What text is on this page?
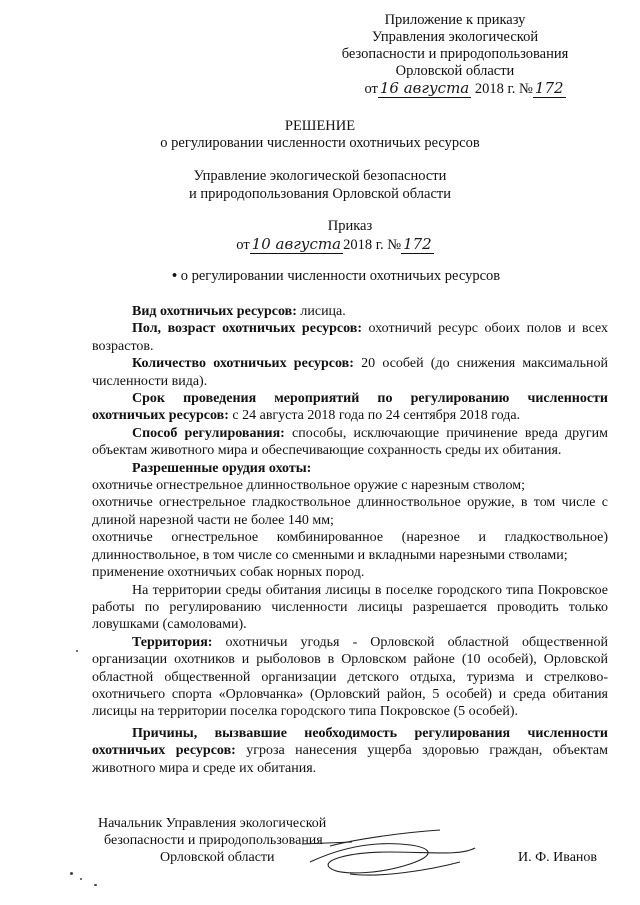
Приложение к приказу
Управления экологической
безопасности и природопользования
Орловской области
от 16 августа 2018 г. № 172
РЕШЕНИЕ
о регулировании численности охотничьих ресурсов
Управление экологической безопасности
и природопользования Орловской области
Приказ
от 10 августа 2018 г. № 172
• о регулировании численности охотничьих ресурсов

Вид охотничьих ресурсов: лисица.

Пол, возраст охотничьих ресурсов: охотничий ресурс обоих полов и всех возрастов.

Количество охотничьих ресурсов: 20 особей (до снижения максимальной численности вида).

Срок проведения мероприятий по регулированию численности охотничьих ресурсов: с 24 августа 2018 года по 24 сентября 2018 года.

Способ регулирования: способы, исключающие причинение вреда другим объектам животного мира и обеспечивающие сохранность среды их обитания.

Разрешенные орудия охоты:

охотничье огнестрельное длинноствольное оружие с нарезным стволом;

охотничье огнестрельное гладкоствольное длинноствольное оружие, в том числе с длиной нарезной части не более 140 мм;

охотничье огнестрельное комбинированное (нарезное и гладкоствольное) длинноствольное, в том числе со сменными и вкладными нарезными стволами;

применение охотничьих собак норных пород.

На территории среды обитания лисицы в поселке городского типа Покровское работы по регулированию численности лисицы разрешается проводить только ловушками (самоловами).

Территория: охотничьи угодья - Орловской областной общественной организации охотников и рыболовов в Орловском районе (10 особей), Орловской областной общественной организации детского отдыха, туризма и стрелково-охотничьего спорта «Орловчанка» (Орловский район, 5 особей) и среда обитания лисицы на территории поселка городского типа Покровское (5 особей).

Причины, вызвавшие необходимость регулирования численности охотничьих ресурсов: угроза нанесения ущерба здоровью граждан, объектам животного мира и среде их обитания.

Начальник Управления экологической
безопасности и природопользования
Орловской области	И. Ф. Иванов
